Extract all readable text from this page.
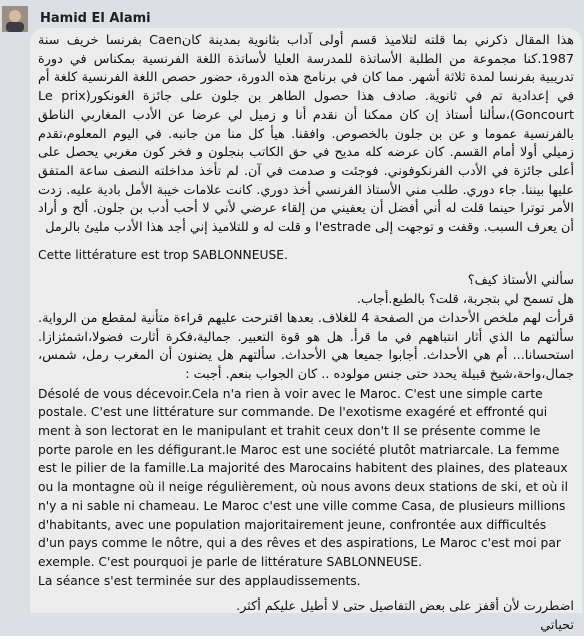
Hamid El Alami

هذا المقال ذكرني بما قلته لتلاميذ قسم أولى آداب بثانوية بمدينة كانCaen بفرنسا خريف سنة 1987.كنا مجموعة من الطلبة الأساتذة للمدرسة العليا لأساتذة اللغة الفرنسية بمكناس في دورة تدريبية بفرنسا لمدة ثلاثة أشهر. مما كان في برنامج هذه الدورة، حضور حصص اللغة الفرنسية كلغة أم في إعدادية تم في ثانوية. صادف هذا حصول الطاهر بن جلون على جائزة الغونكور(Le prix Goncourt)،سألنا أستاذ إن كان ممكنا أن نقدم أنا و زميل لي عرضا عن الأدب المغاربي الناطق بالفرنسية عموما و عن بن جلون بالخصوص. وافقنا. هيأ كل منا من جانبه. في اليوم المعلوم،تقدم زميلي أولا أمام القسم. كان عرضه كله مديح في حق الكاتب بنجلون و فخر كون مغربي يحصل على أعلى جائزة في الأدب الفرنكوفوني. فوجئت و صدمت في آن. لم تأخذ مداخلته النصف ساعة المتفق عليها بيننا. جاء دوري. طلب مني الأستاذ الفرنسي أخذ دوري. كانت علامات خيبة الأمل بادية عليه. زدت الأمر توترا حينما قلت له أني أفضل أن يعفيني من إلقاء عرضي لأني لا أحب أدب بن جلون. ألح و أراد أن يعرف السبب. وقفت و توجهت إلى l'estrade و قلت له و للتلاميذ إني أجد هذا الأدب مليئ بالرمل

Cette littérature est trop SABLONNEUSE.

سألني الأستاذ كيف؟

هل تسمح لي بتجربة، قلت؟ بالطبع.أجاب.

قرأت لهم ملخص الأحداث من الصفحة 4 للغلاف. بعدها اقترحت عليهم قراءة متأنية لمقطع من الرواية. سألتهم ما الذي أثار انتباههم في ما قرأ. هل هو قوة التعبير. جمالية،فكرة أثارت فضولا،اشمئزازا. استحسانا... أم هي الأحداث. أجابوا جميعا هي الأحداث. سألتهم هل يضنون أن المغرب رمل، شمس، جمال،واحة،شيخ قبيلة يحدد حتى جنس مولوده .. كان الجواب بنعم. أجبت :

Désolé de vous décevoir.Cela n'a rien à voir avec le Maroc. C'est une simple carte postale. C'est une littérature sur commande. De l'exotisme exagéré et effronté qui ment à son lectorat en le manipulant et trahit ceux don't Il se présente comme le porte parole en les défigurant.le Maroc est une société plutôt matriarcale. La femme est le pilier de la famille.La majorité des Marocains habitent des plaines, des plateaux ou la montagne où il neige régulièrement, où nous avons deux stations de ski, et où il n'y a ni sable ni chameau. Le Maroc c'est une ville comme Casa, de plusieurs millions d'habitants, avec une population majoritairement jeune, confrontée aux difficultés d'un pays comme le nôtre, qui a des rêves et des aspirations, Le Maroc c'est moi par exemple. C'est pourquoi je parle de littérature SABLONNEUSE.

La séance s'est terminée sur des applaudissements.

اضطررت لأن أقفز على بعض التفاصيل حتى لا أطيل عليكم أكثر.

تحياتي
